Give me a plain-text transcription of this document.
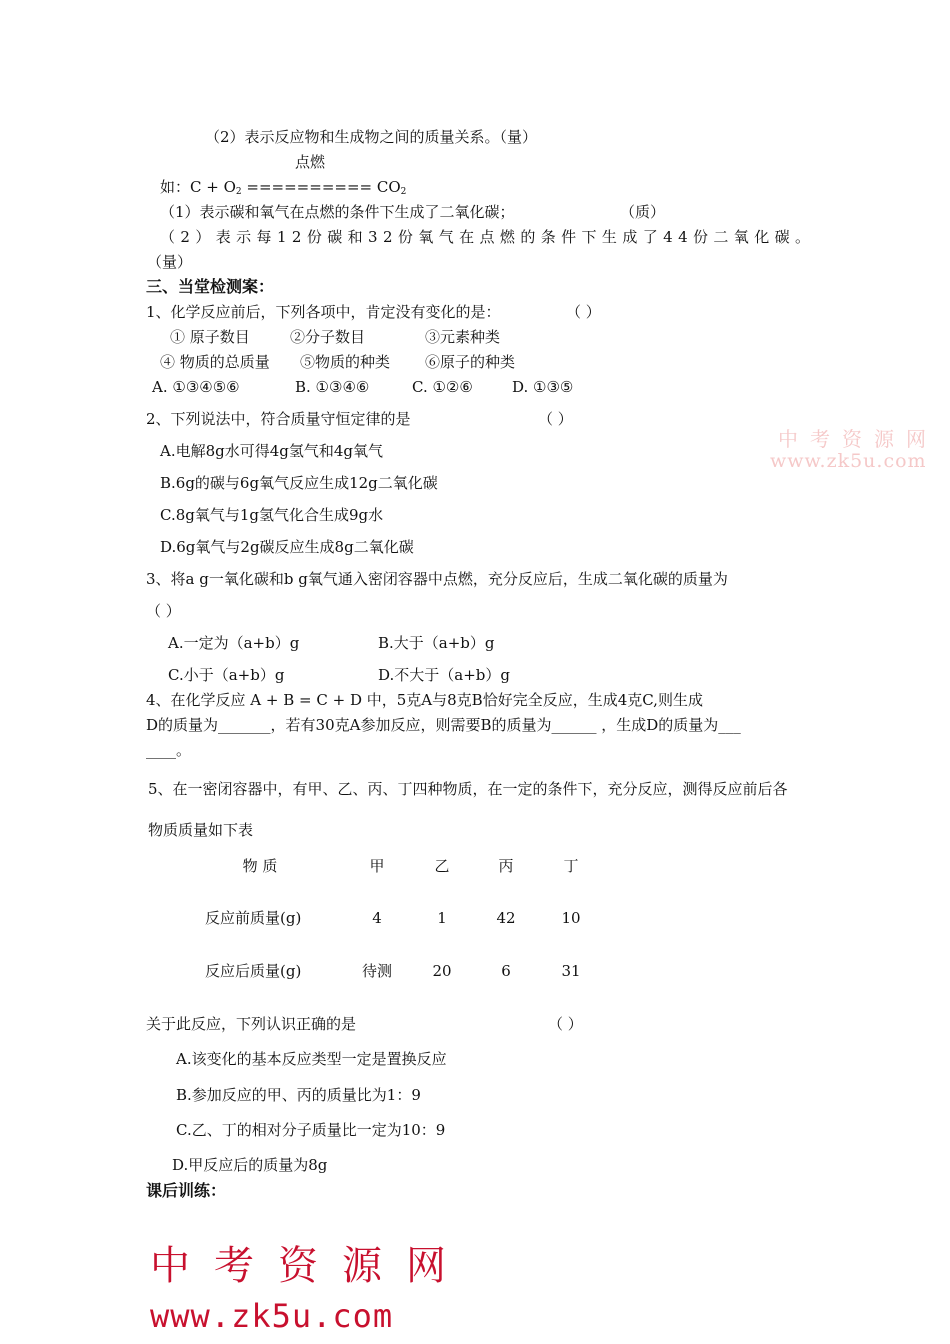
（2）表示反应物和生成物之间的质量关系。（量）
点燃
如：$C + O_2$ ========== $CO_2$
（1）表示碳和氧气在点燃的条件下生成了二氧化碳；	（质）
（2）表示每12份碳和32份氧气在点燃的条件下生成了44份二氧化碳。
（量）
三、当堂检测案：
1、化学反应前后，下列各项中，肯定没有变化的是：	（ ）
① 原子数目	②分子数目	③元素种类
④ 物质的总质量 ⑤物质的种类 ⑥原子的种类
A. ①③④⑤⑥	B. ①③④⑥	C. ①②⑥	D. ①③⑤
2、下列说法中，符合质量守恒定律的是	（ ）
A.电解8g水可得4g氢气和4g氧气
B.6g的碳与6g氧气反应生成12g二氧化碳
C.8g氧气与1g氢气化合生成9g水
D.6g氧气与2g碳反应生成8g二氧化碳
3、将a g一氧化碳和b g氧气通入密闭容器中点燃，充分反应后，生成二氧化碳的质量为
（ ）
A.一定为（a+b）g	B.大于（a+b）g
C.小于（a+b）g	D.不大于（a+b）g
4、在化学反应 A + B = C + D 中，5克A与8克B恰好完全反应，生成4克C,则生成
D的质量为_______，若有30克A参加反应，则需要B的质量为______ ，生成D的质量为___
____。
5、在一密闭容器中，有甲、乙、丙、丁四种物质，在一定的条件下，充分反应，测得反应前后各
物质质量如下表
物 质	甲	乙	丙	丁
反应前质量(g)	4	1	42	10
反应后质量(g)	待测	20	6	31
关于此反应，下列认识正确的是	（ ）
A.该变化的基本反应类型一定是置换反应
B.参加反应的甲、丙的质量比为1：9
C.乙、丁的相对分子质量比一定为10：9
D.甲反应后的质量为8g
课后训练：
中考资源网
www.zk5u.com
中考资源网
www.zk5u.com
